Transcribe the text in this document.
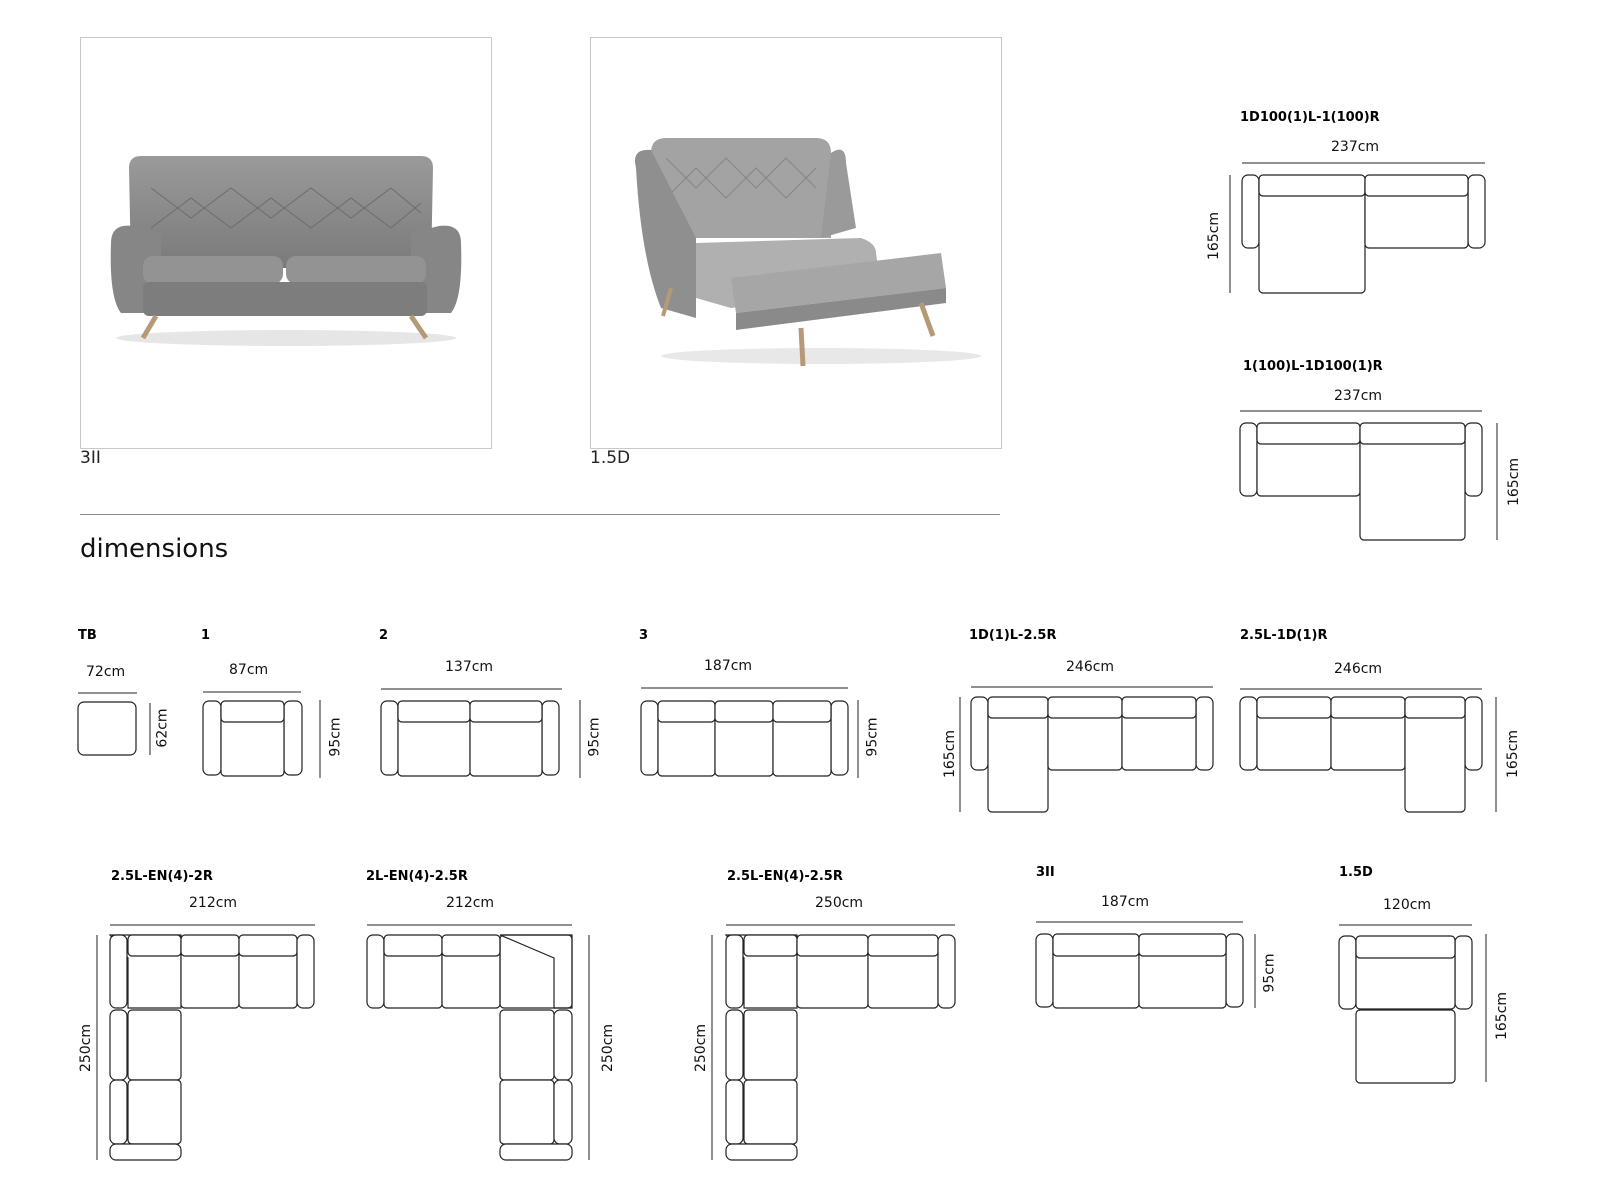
3II	1.5D
dimensions
TB
72cm
62cm
1
87cm
95cm
2
137cm
95cm
3
187cm
95cm
1D(1)L-2.5R
246cm
165cm
2.5L-1D(1)R
246cm
165cm
1D100(1)L-1(100)R
237cm
165cm
1(100)L-1D100(1)R
237cm
165cm
2.5L-EN(4)-2R
212cm
250cm
2L-EN(4)-2.5R
212cm
250cm
2.5L-EN(4)-2.5R
250cm
250cm
3II
187cm
95cm
1.5D
120cm
165cm
